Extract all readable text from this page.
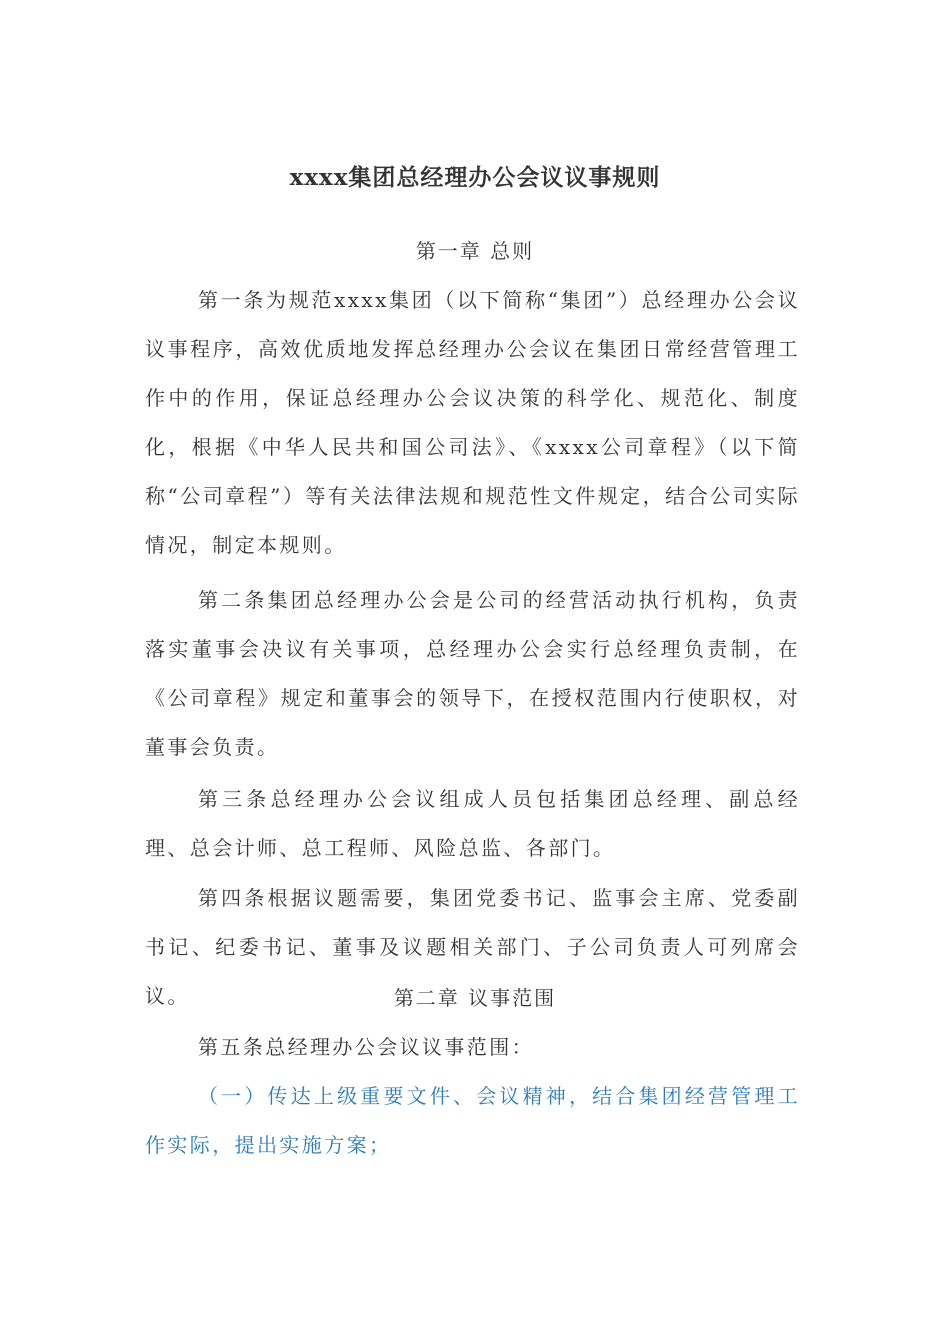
xxxx集团总经理办公会议议事规则
第一章 总则
第一条为规范xxxx集团（以下简称“集团”）总经理办公会议议事程序，高效优质地发挥总经理办公会议在集团日常经营管理工作中的作用，保证总经理办公会议决策的科学化、规范化、制度化，根据《中华人民共和国公司法》、《xxxx公司章程》（以下简称“公司章程”）等有关法律法规和规范性文件规定，结合公司实际情况，制定本规则。
第二条集团总经理办公会是公司的经营活动执行机构，负责落实董事会决议有关事项，总经理办公会实行总经理负责制，在《公司章程》规定和董事会的领导下，在授权范围内行使职权，对董事会负责。
第三条总经理办公会议组成人员包括集团总经理、副总经理、总会计师、总工程师、风险总监、各部门。
第四条根据议题需要，集团党委书记、监事会主席、党委副书记、纪委书记、董事及议题相关部门、子公司负责人可列席会议。	第二章 议事范围
第五条总经理办公会议议事范围：
（一）传达上级重要文件、会议精神，结合集团经营管理工作实际，提出实施方案；
